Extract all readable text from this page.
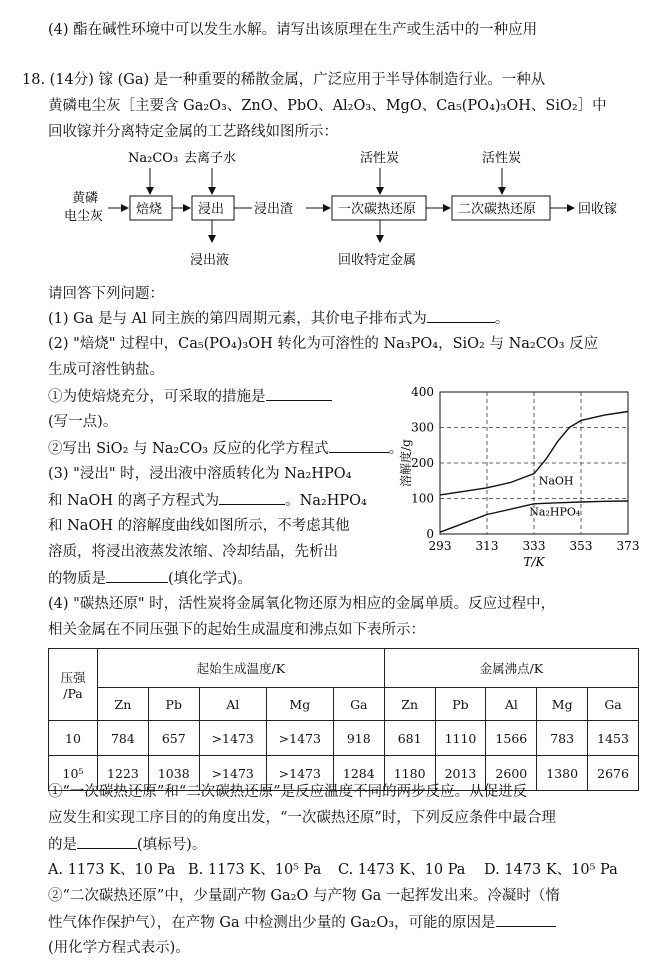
(4) 酯在碱性环境中可以发生水解。请写出该原理在生产或生活中的一种应用
18. (14分) 镓 (Ga) 是一种重要的稀散金属，广泛应用于半导体制造行业。一种从
黄磷电尘灰［主要含 Ga₂O₃、ZnO、PbO、Al₂O₃、MgO、Ca₅(PO₄)₃OH、SiO₂］中
回收镓并分离特定金属的工艺路线如图所示：
黄磷
电尘灰	焙烧	浸出
Na₂CO₃ 去离子水
浸出液
浸出渣	一次碳热还原
活性炭
回收特定金属
二次碳热还原
活性炭
回收镓
请回答下列问题：
(1) Ga 是与 Al 同主族的第四周期元素，其价电子排布式为	。
(2) "焙烧" 过程中，Ca₅(PO₄)₃OH 转化为可溶性的 Na₃PO₄，SiO₂ 与 Na₂CO₃ 反应
生成可溶性钠盐。
①为使焙烧充分，可采取的措施是
(写一点)。
②写出 SiO₂ 与 Na₂CO₃ 反应的化学方程式	。
(3) "浸出" 时，浸出液中溶质转化为 Na₂HPO₄
和 NaOH 的离子方程式为	。Na₂HPO₄
和 NaOH 的溶解度曲线如图所示，不考虑其他
溶质，将浸出液蒸发浓缩、冷却结晶，先析出
的物质是	(填化学式)。
293 313 333 353 373
0
100
200
300
400
T/K
溶解度/g	NaOH
Na₂HPO₄
(4) "碳热还原" 时，活性炭将金属氧化物还原为相应的金属单质。反应过程中，
相关金属在不同压强下的起始生成温度和沸点如下表所示：
压强
/Pa	起始生成温度/K					金属沸点/K				
	Zn	Pb	Al	Mg	Ga	Zn	Pb	Al	Mg	Ga
10	784	657	>1473	>1473	918	681	1110	1566	783	1453
10⁵	1223	1038	>1473	>1473	1284	1180	2013	2600	1380	2676
①“一次碳热还原”和“二次碳热还原”是反应温度不同的两步反应。从促进反
应发生和实现工序目的的角度出发，“一次碳热还原”时，下列反应条件中最合理
的是	(填标号)。
A. 1173 K、10 Pa B. 1173 K、10⁵ Pa C. 1473 K、10 Pa D. 1473 K、10⁵ Pa
②“二次碳热还原”中，少量副产物 Ga₂O 与产物 Ga 一起挥发出来。冷凝时（惰
性气体作保护气），在产物 Ga 中检测出少量的 Ga₂O₃，可能的原因是
(用化学方程式表示)。
